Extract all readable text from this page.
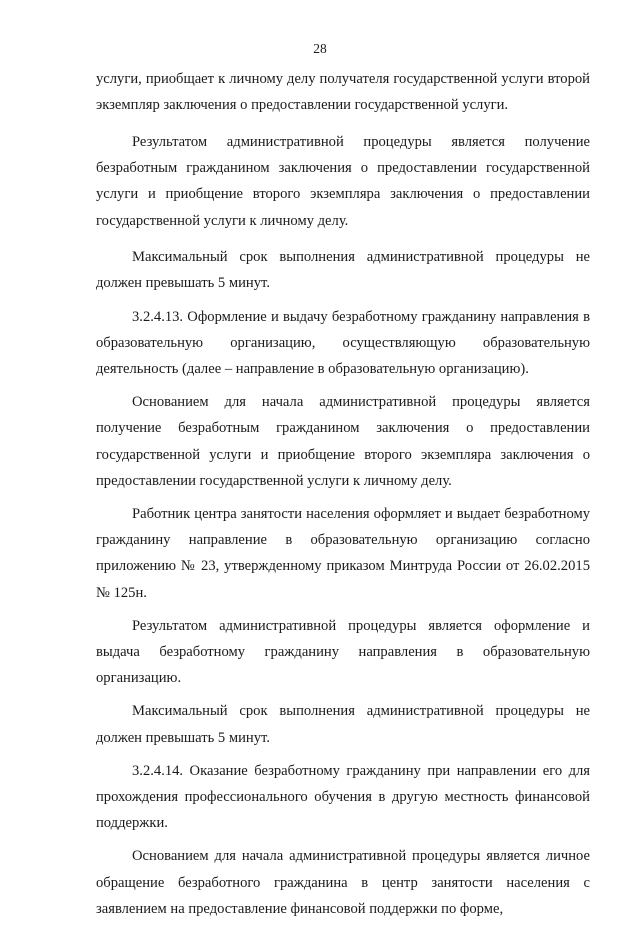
28

услуги, приобщает к личному делу получателя государственной услуги второй экземпляр заключения о предоставлении государственной услуги.

Результатом административной процедуры является получение безработным гражданином заключения о предоставлении государственной услуги и приобщение второго экземпляра заключения о предоставлении государственной услуги к личному делу.

Максимальный срок выполнения административной процедуры не должен превышать 5 минут.

3.2.4.13. Оформление и выдачу безработному гражданину направления в образовательную организацию, осуществляющую образовательную деятельность (далее – направление в образовательную организацию).

Основанием для начала административной процедуры является получение безработным гражданином заключения о предоставлении государственной услуги и приобщение второго экземпляра заключения о предоставлении государственной услуги к личному делу.

Работник центра занятости населения оформляет и выдает безработному гражданину направление в образовательную организацию согласно приложению № 23, утвержденному приказом Минтруда России от 26.02.2015 № 125н.

Результатом административной процедуры является оформление и выдача безработному гражданину направления в образовательную организацию.

Максимальный срок выполнения административной процедуры не должен превышать 5 минут.

3.2.4.14. Оказание безработному гражданину при направлении его для прохождения профессионального обучения в другую местность финансовой поддержки.

Основанием для начала административной процедуры является личное обращение безработного гражданина в центр занятости населения с заявлением на предоставление финансовой поддержки по форме,
